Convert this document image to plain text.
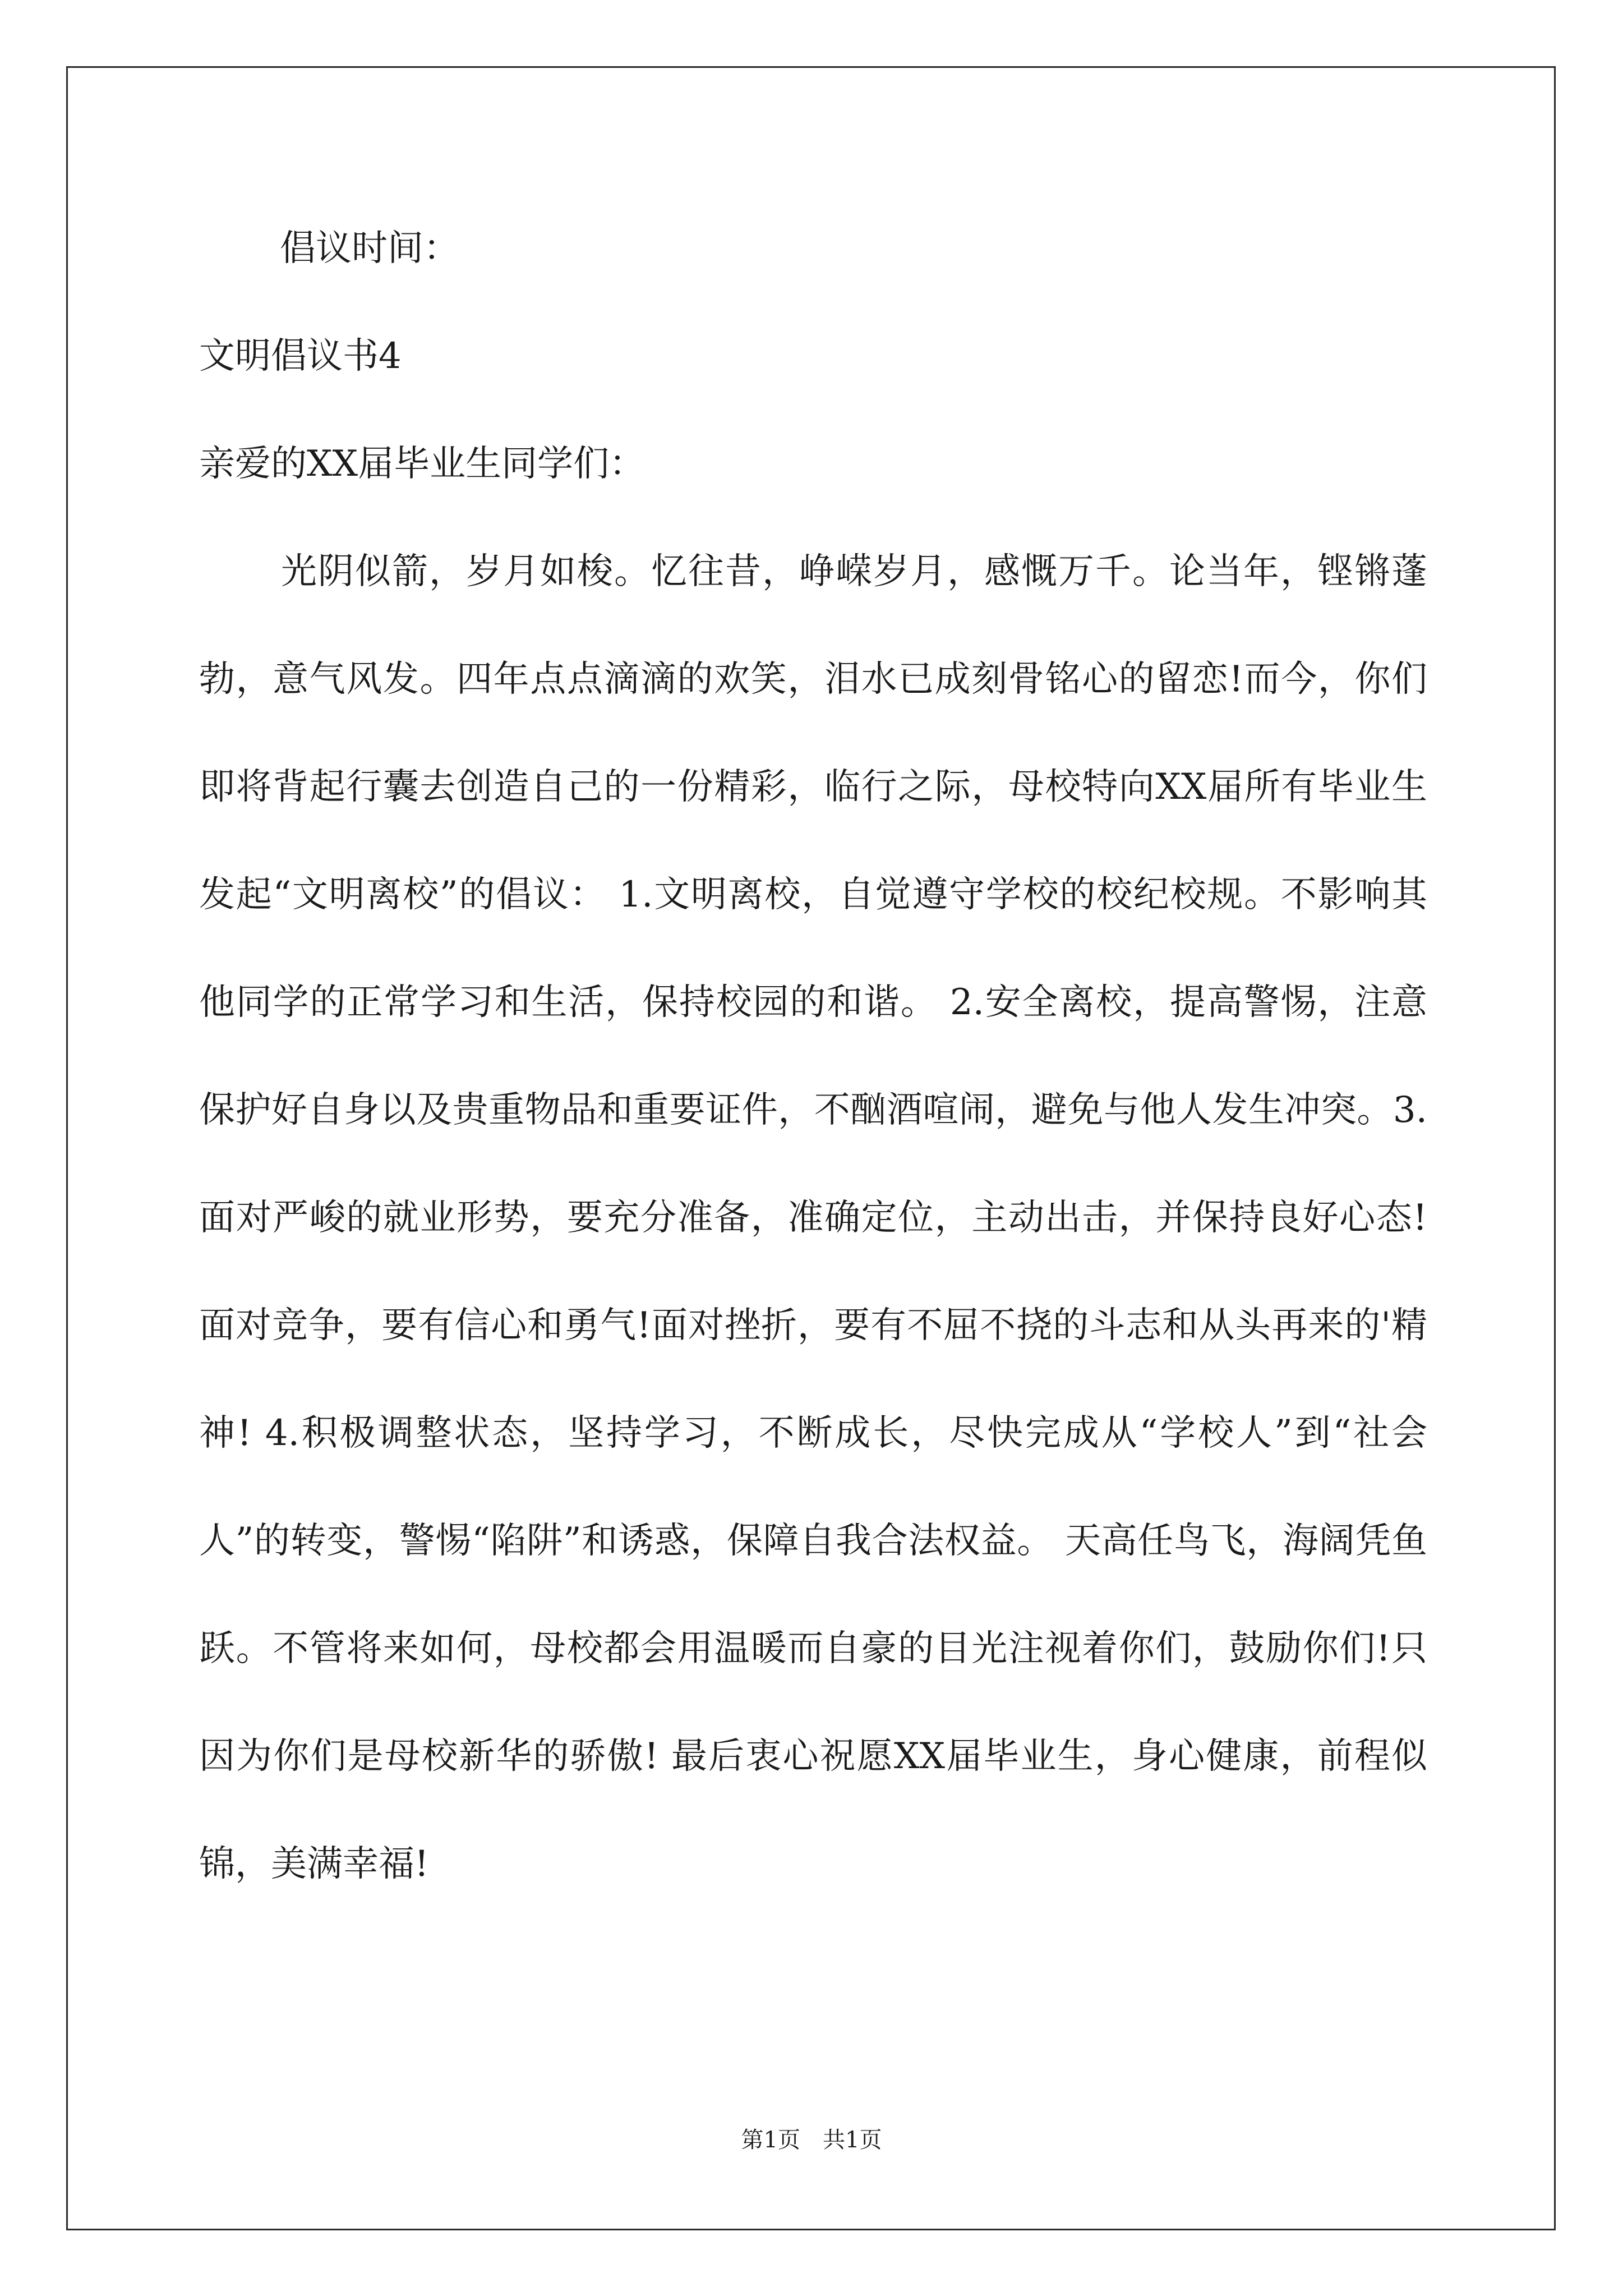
倡议时间：

文明倡议书4

亲爱的XX届毕业生同学们：

光阴似箭，岁月如梭。忆往昔，峥嵘岁月，感慨万千。论当年，铿锵蓬勃，意气风发。四年点点滴滴的欢笑，泪水已成刻骨铭心的留恋!而今，你们即将背起行囊去创造自己的一份精彩，临行之际，母校特向XX届所有毕业生发起“文明离校”的倡议： 1.文明离校，自觉遵守学校的校纪校规。不影响其他同学的正常学习和生活，保持校园的和谐。 2.安全离校，提高警惕，注意保护好自身以及贵重物品和重要证件，不酗酒喧闹，避免与他人发生冲突。3.面对严峻的就业形势，要充分准备，准确定位，主动出击，并保持良好心态!面对竞争，要有信心和勇气!面对挫折，要有不屈不挠的斗志和从头再来的'精神! 4.积极调整状态，坚持学习，不断成长，尽快完成从“学校人”到“社会人”的转变，警惕“陷阱”和诱惑，保障自我合法权益。 天高任鸟飞，海阔凭鱼跃。不管将来如何，母校都会用温暖而自豪的目光注视着你们，鼓励你们!只因为你们是母校新华的骄傲! 最后衷心祝愿XX届毕业生，身心健康，前程似锦，美满幸福!

第1页　共1页
